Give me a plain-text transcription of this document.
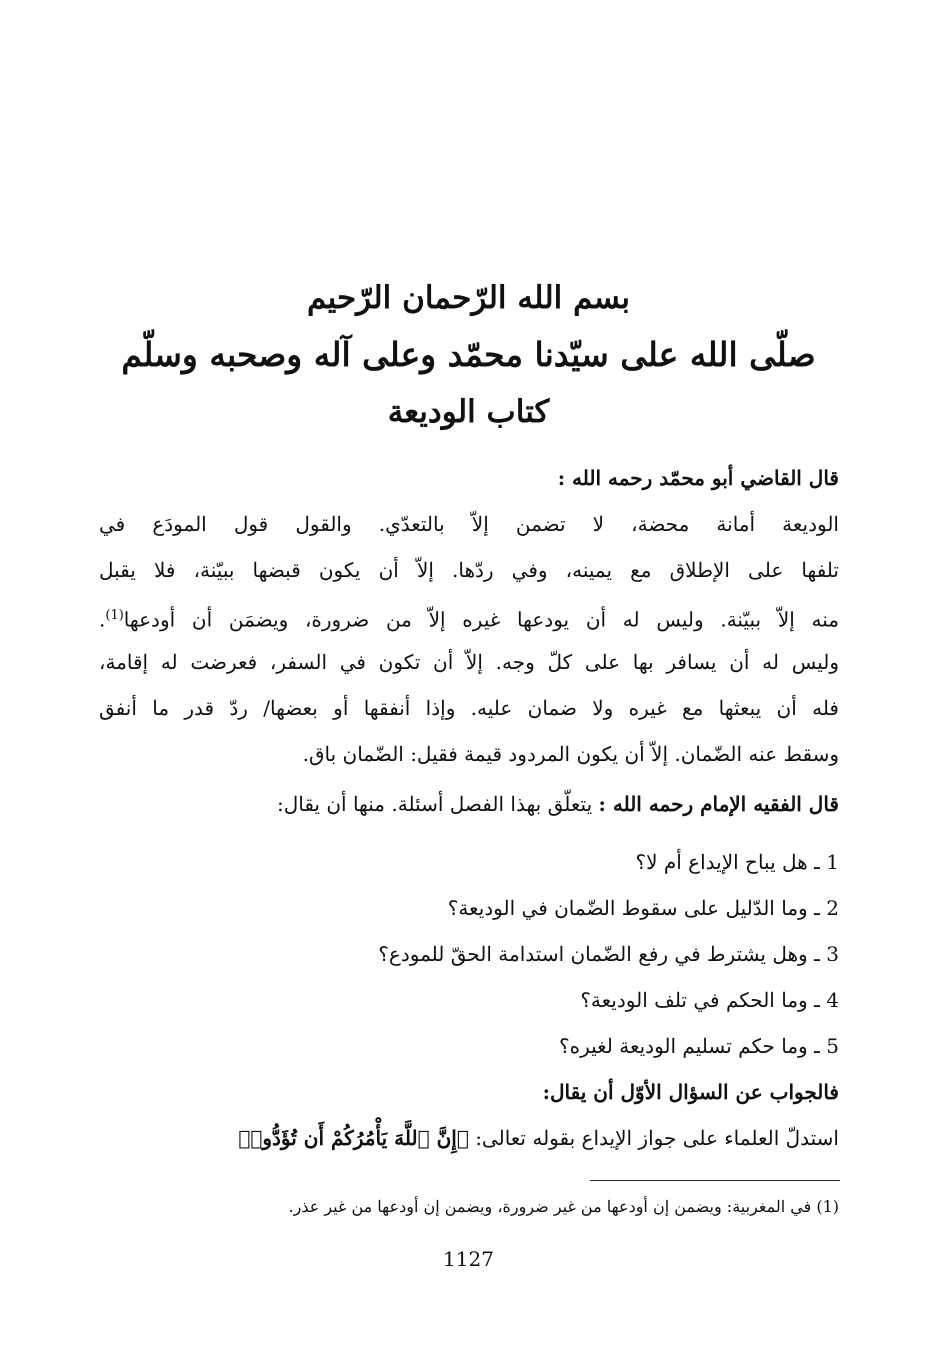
بسم الله الرّحمان الرّحيم

صلّى الله على سيّدنا محمّد وعلى آله وصحبه وسلّم

كتاب الوديعة

قال القاضي أبو محمّد رحمه الله :
الوديعة أمانة محضة، لا تضمن إلاّ بالتعدّي. والقول قول المودَع في
تلفها على الإطلاق مع يمينه، وفي ردّها. إلاّ أن يكون قبضها ببيّنة، فلا يقبل
منه إلاّ ببيّنة. وليس له أن يودعها غيره إلاّ من ضرورة، ويضمَن أن أودعها$^{(1)}$.
وليس له أن يسافر بها على كلّ وجه. إلاّ أن تكون في السفر، فعرضت له إقامة،
فله أن يبعثها مع غيره ولا ضمان عليه. وإذا أنفقها أو بعضها/ ردّ قدر ما أنفق
وسقط عنه الضّمان. إلاّ أن يكون المردود قيمة فقيل: الضّمان باق.
قال الفقيه الإمام رحمه الله : يتعلّق بهذا الفصل أسئلة. منها أن يقال:
1 ـ هل يباح الإيداع أم لا؟
2 ـ وما الدّليل على سقوط الضّمان في الوديعة؟
3 ـ وهل يشترط في رفع الضّمان استدامة الحقّ للمودع؟
4 ـ وما الحكم في تلف الوديعة؟
5 ـ وما حكم تسليم الوديعة لغيره؟
فالجواب عن السؤال الأوّل أن يقال:
استدلّ العلماء على جواز الإيداع بقوله تعالى: ﴿إِنَّ ٱللَّهَ يَأْمُرُكُمْ أَن تُؤَدُّوا۟
(1) في المغربية: ويضمن إن أودعها من غير ضرورة، ويضمن إن أودعها من غير عذر.
1127
